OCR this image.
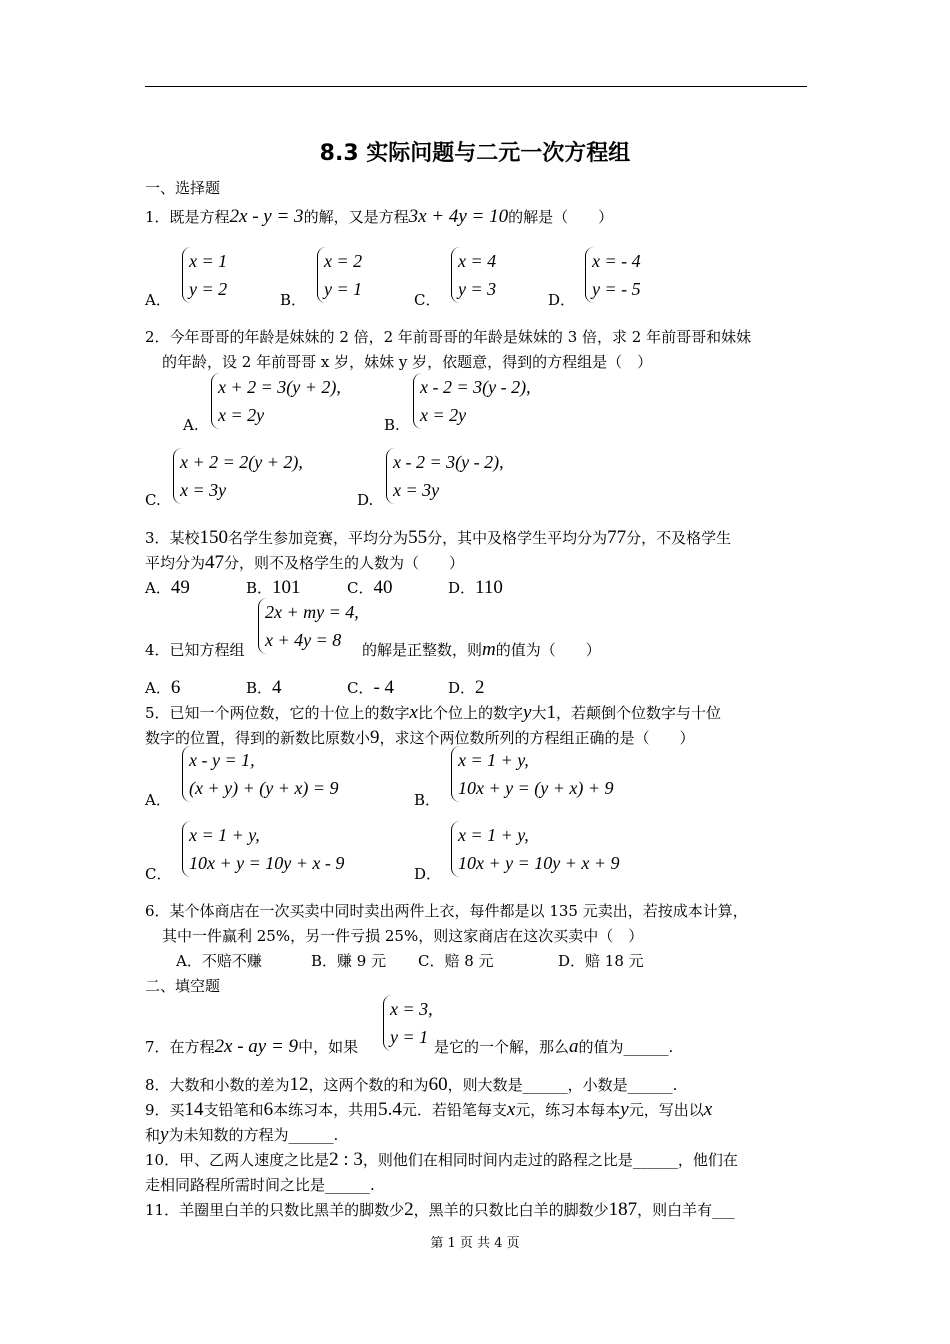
8.3 实际问题与二元一次方程组
一、选择题
1．既是方程2x - y = 3的解，又是方程3x + 4y = 10的解是（　　）
A．
x = 1
y = 2
B．
x = 2
y = 1
C．
x = 4
y = 3
D．
x = - 4
y = - 5
2．今年哥哥的年龄是妹妹的 2 倍，2 年前哥哥的年龄是妹妹的 3 倍，求 2 年前哥哥和妹妹
的年龄，设 2 年前哥哥 x 岁，妹妹 y 岁，依题意，得到的方程组是（　）
A.
x + 2 = 3(y + 2),
x = 2y	B.
x - 2 = 3(y - 2),
x = 2y
C.
x + 2 = 2(y + 2),
x = 3y	D.
x - 2 = 3(y - 2),
x = 3y
3．某校150名学生参加竞赛，平均分为55分，其中及格学生平均分为77分，不及格学生
平均分为47分，则不及格学生的人数为（　　）
A．49	B．101	C．40	D．110
4．已知方程组
2x + my = 4,
x + 4y = 8	的解是正整数，则m的值为（　　）
A．6	B．4	C．- 4	D．2
5．已知一个两位数，它的十位上的数字x比个位上的数字y大1，若颠倒个位数字与十位
数字的位置，得到的新数比原数小9，求这个两位数所列的方程组正确的是（　　）
A．
x - y = 1,
(x + y) + (y + x) = 9
B．
x = 1 + y,
10x + y = (y + x) + 9
C．
x = 1 + y,
10x + y = 10y + x - 9
D．
x = 1 + y,
10x + y = 10y + x + 9
6．某个体商店在一次买卖中同时卖出两件上衣，每件都是以 135 元卖出，若按成本计算，
其中一件赢利 25%，另一件亏损 25%，则这家商店在这次买卖中（　）
A．不赔不赚	B．赚 9 元 C．赔 8 元	D．赔 18 元
二、填空题
7．在方程2x - ay = 9中，如果
x = 3,
y = 1 是它的一个解，那么a的值为______.
8．大数和小数的差为12，这两个数的和为60，则大数是______，小数是______.
9．买14支铅笔和6本练习本，共用5.4元．若铅笔每支x元，练习本每本y元，写出以x
和y为未知数的方程为______.
10．甲、乙两人速度之比是2 : 3，则他们在相同时间内走过的路程之比是______，他们在
走相同路程所需时间之比是______.
11．羊圈里白羊的只数比黑羊的脚数少2，黑羊的只数比白羊的脚数少187，则白羊有___
第 1 页 共 4 页
